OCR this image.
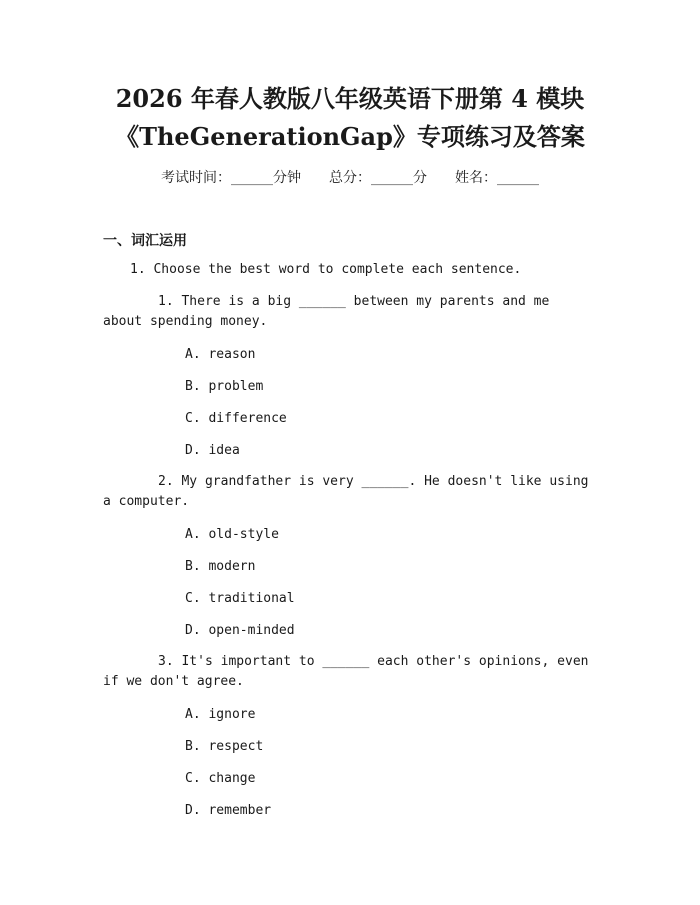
2026 年春人教版八年级英语下册第 4 模块
《TheGenerationGap》专项练习及答案
考试时间：______分钟 总分：______分 姓名：______
一、词汇运用
1. Choose the best word to complete each sentence.
1. There is a big ______ between my parents and me about spending money.
A. reason
B. problem
C. difference
D. idea
2. My grandfather is very ______. He doesn't like using a computer.
A. old-style
B. modern
C. traditional
D. open-minded
3. It's important to ______ each other's opinions, even if we don't agree.
A. ignore
B. respect
C. change
D. remember
